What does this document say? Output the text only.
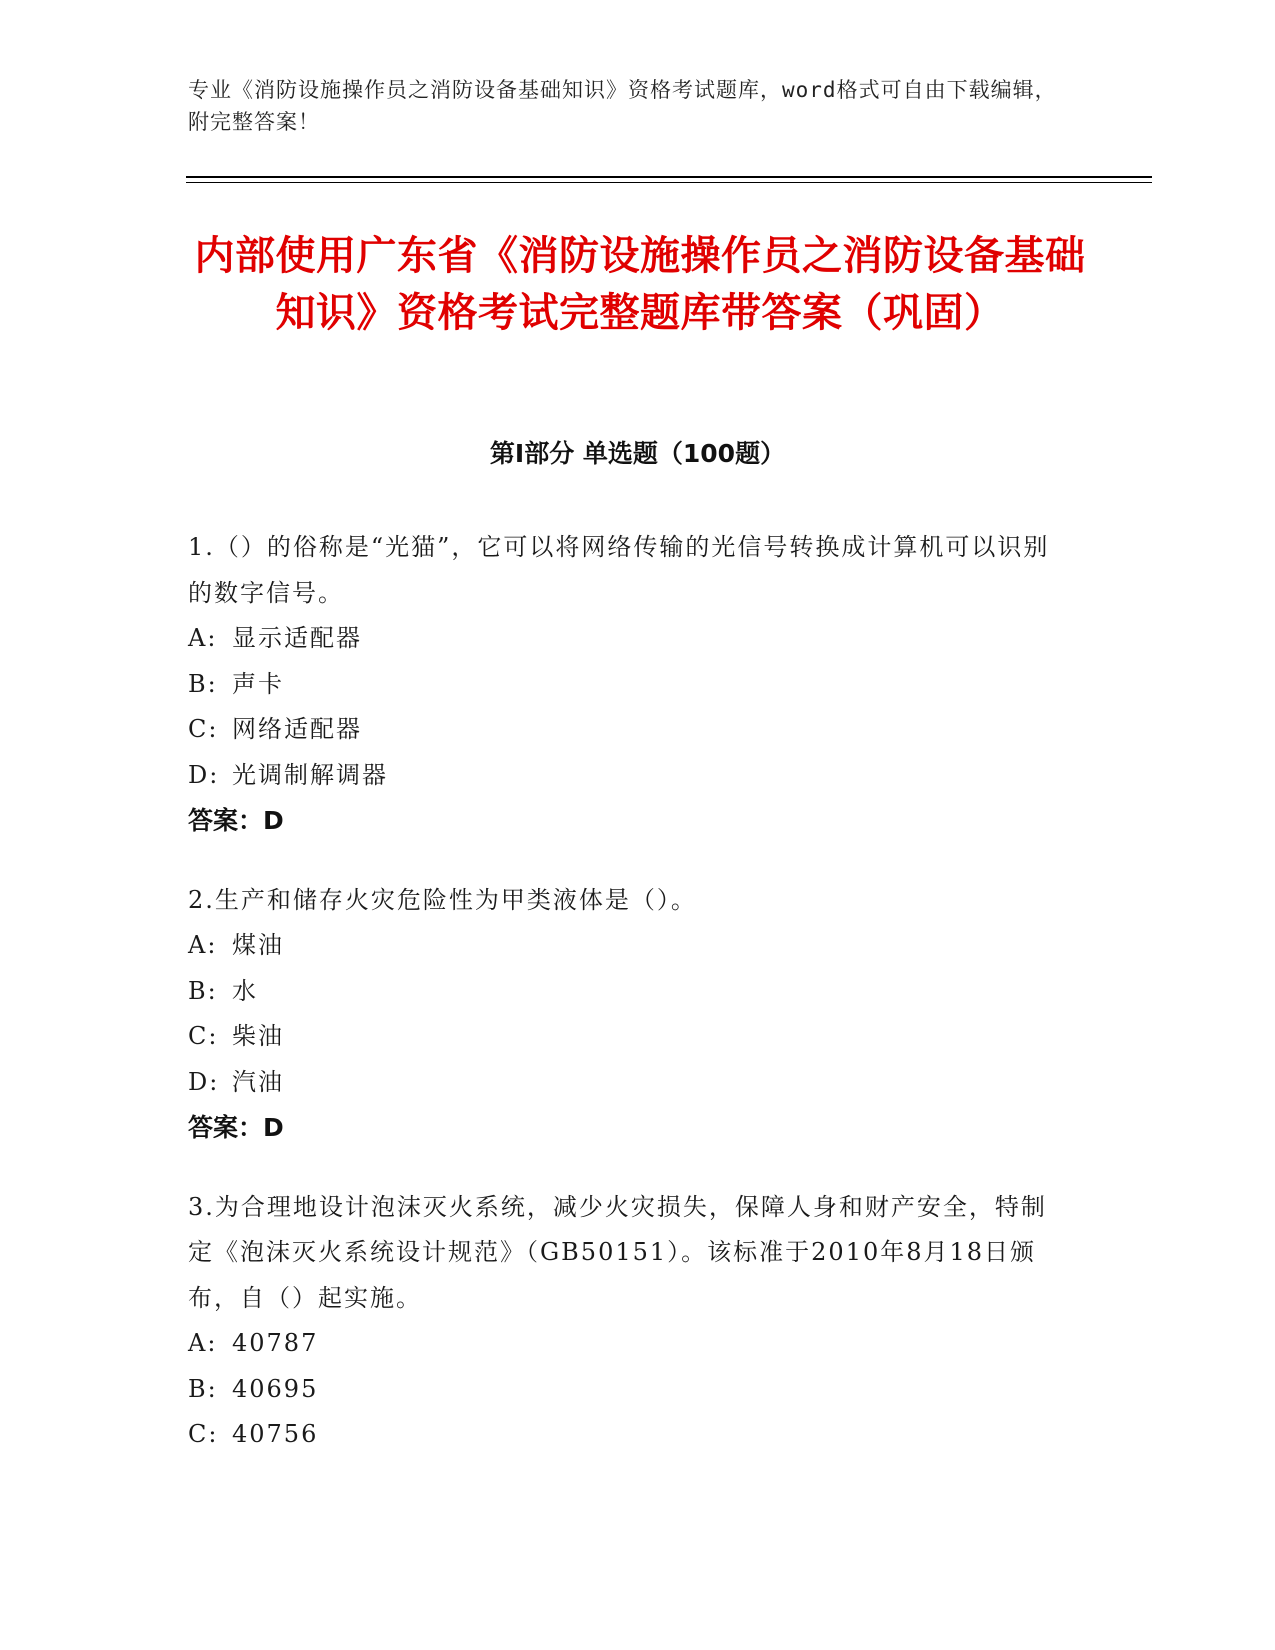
专业《消防设施操作员之消防设备基础知识》资格考试题库，word格式可自由下载编辑，附完整答案！
内部使用广东省《消防设施操作员之消防设备基础知识》资格考试完整题库带答案（巩固）
第I部分 单选题（100题）

1.（）的俗称是“光猫”，它可以将网络传输的光信号转换成计算机可以识别的数字信号。

A: 显示适配器

B: 声卡

C: 网络适配器

D: 光调制解调器

答案：D

2.生产和储存火灾危险性为甲类液体是（）。

A: 煤油

B: 水

C: 柴油

D: 汽油

答案：D

3.为合理地设计泡沫灭火系统，减少火灾损失，保障人身和财产安全，特制定《泡沫灭火系统设计规范》（GB50151）。该标准于2010年8月18日颁布，自（）起实施。

A: 40787

B: 40695

C: 40756
